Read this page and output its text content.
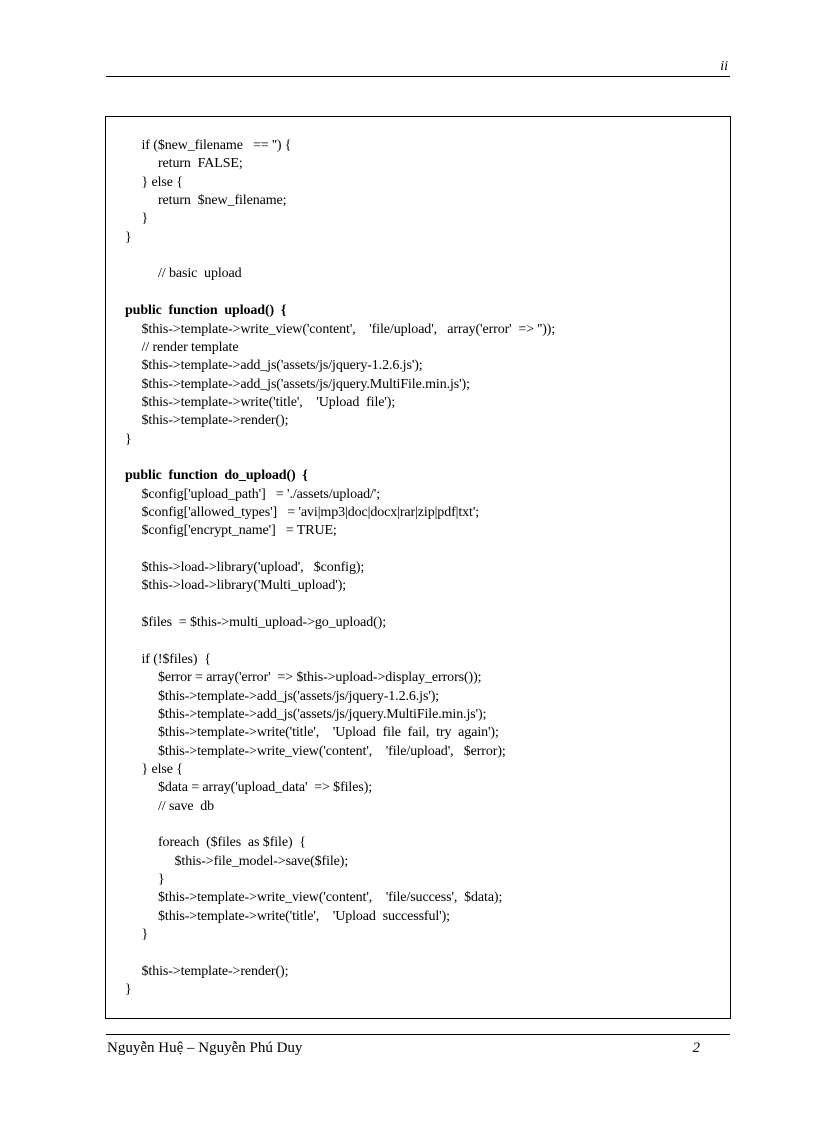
ii
if ($new_filename   == '') {
return  FALSE;
} else {
return  $new_filename;
}
}
// basic  upload
public  function  upload()  {
$this->template->write_view('content',    'file/upload',   array('error'  => ''));
// render template
$this->template->add_js('assets/js/jquery-1.2.6.js');
$this->template->add_js('assets/js/jquery.MultiFile.min.js');
$this->template->write('title',    'Upload  file');
$this->template->render();
}
public  function  do_upload()  {
$config['upload_path']   = './assets/upload/';
$config['allowed_types']   = 'avi|mp3|doc|docx|rar|zip|pdf|txt';
$config['encrypt_name']   = TRUE;
$this->load->library('upload',   $config);
$this->load->library('Multi_upload');
$files  = $this->multi_upload->go_upload();
if (!$files)  {
$error = array('error'  => $this->upload->display_errors());
$this->template->add_js('assets/js/jquery-1.2.6.js');
$this->template->add_js('assets/js/jquery.MultiFile.min.js');
$this->template->write('title',    'Upload  file  fail,  try  again');
$this->template->write_view('content',    'file/upload',   $error);
} else {
$data = array('upload_data'  => $files);
// save  db
foreach  ($files  as $file)  {
$this->file_model->save($file);
}
$this->template->write_view('content',    'file/success',  $data);
$this->template->write('title',    'Upload  successful');
}
$this->template->render();
}
Nguyễn Huệ – Nguyễn Phú Duy	2
